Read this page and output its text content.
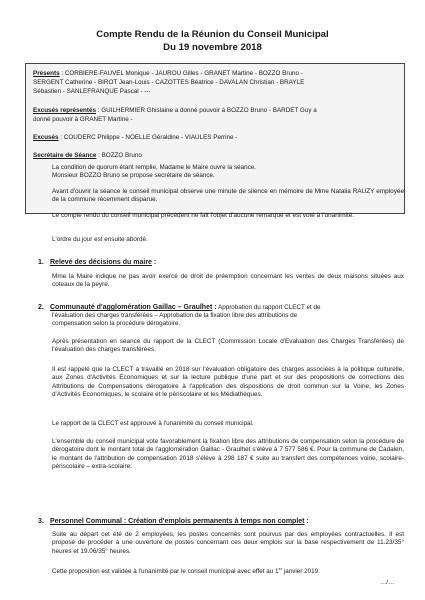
Compte Rendu de la Réunion du Conseil Municipal
Du 19 novembre 2018
Présents : CORBIERE-FAUVEL Monique - JAUROU Gilles - GRANET Martine - BOZZO Bruno -
SERGENT Catherine - BIROT Jean-Louis - CAZOTTES Béatrice - DAVALAN Christian - BRAYLE
Sébastien - SANLEFRANQUE Pascal - ---
Excusés représentés : GUILHERMIER Ghislaine a donné pouvoir à BOZZO Bruno - BARDET Guy a
donné pouvoir à GRANET Martine -
Excusés : COUDERC Philippe - NOELLE Géraldine - VIAULES Perrine -
Secrétaire de Séance : BOZZO Bruno
La condition de quorum étant remplie, Madame le Maire ouvre la séance.
Monsieur BOZZO Bruno se propose secrétaire de séance.
Avant d'ouvrir la séance le conseil municipal observe une minute de silence en mémoire de Mme Natalia RAUZY employée de la commune récemment disparue.
Le compte rendu du conseil municipal précédent ne fait l'objet d'aucune remarque et est voté à l'unanimité.
L'ordre du jour est ensuite abordé.
1. Relevé des décisions du maire :
Mme la Maire indique ne pas avoir exercé de droit de préemption concernant les ventes de deux maisons situées aux coteaux de la peyre.
2. Communauté d'agglomération Gaillac – Graulhet : Approbation du rapport CLECT et de
l'évaluation des charges transférées – Approbation de la fixation libre des attributions de
compensation selon la procédure dérogatoire.
Après présentation en séance du rapport de la CLECT (Commission Locale d'Evaluation des Charges Transférées) de l'évaluation des charges transférées.
Il est rappelé que la CLECT a travaillé en 2018 sur l'évaluation obligatoire des charges associées à la politique culturelle, aux Zones d'Activités Economiques et sur la lecture publique d'une part et sur des propositions de corrections des Attributions de Compensations dérogatoire à l'application des dispositions de droit commun sur la Voirie, les Zones d'Activités Economiques, le scolaire et le périscolaire et les Médiathèques.
Le rapport de la CLECT est approuvé à l'unanimité du conseil municipal.
L'ensemble du conseil municipal vote favorablement la fixation libre des attributions de compensation selon la procédure de dérogatoire dont le montant total de l'agglomération Gaillac - Graulhet s'élève à 7 577 586 €. Pour la commune de Cadalen, le montant de l'attribution de compensation 2018 s'élève à 298 187 € suite au transfert des compétences voirie, scolaire-périscolaire – extra-scolaire.
3. Personnel Communal : Création d'emplois permanents à temps non complet :
Suite au départ cet été de 2 employées, les postes concernés sont pourvus par des employées contractuelles. Il est proposé de procéder à une ouverture de postes concernant ces deux emplois sur la base respectivement de 11.23/35° heures et 19.06/35° heures.
Cette proposition est validée à l'unanimité par le conseil municipal avec effet au 1er janvier 2019.
…/…
